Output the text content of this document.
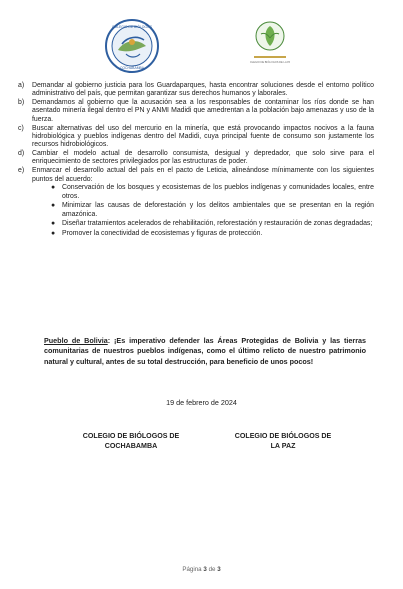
COLEGIO DE BIÓLOGOS
COCHABAMBA
COLEGIO DE BIÓLOGOS DE LA PAZ
a) Demandar al gobierno justicia para los Guardaparques, hasta encontrar soluciones desde el entorno político administrativo del país, que permitan garantizar sus derechos humanos y laborales.
b) Demandamos al gobierno que la acusación sea a los responsables de contaminar los ríos donde se han asentado minería ilegal dentro el PN y ANMI Madidi que amedrentan a la población bajo amenazas y uso de la fuerza.
c) Buscar alternativas del uso del mercurio en la minería, que está provocando impactos nocivos a la fauna hidrobiológica y pueblos indígenas dentro del Madidi, cuya principal fuente de consumo son justamente los recursos hidrobiológicos.
d) Cambiar el modelo actual de desarrollo consumista, desigual y depredador, que solo sirve para el enriquecimiento de sectores privilegiados por las estructuras de poder.
e) Enmarcar el desarrollo actual del país en el pacto de Leticia, alineándose mínimamente con los siguientes puntos del acuerdo:
● Conservación de los bosques y ecosistemas de los pueblos indígenas y comunidades locales, entre otros.
● Minimizar las causas de deforestación y los delitos ambientales que se presentan en la región amazónica.
● Diseñar tratamientos acelerados de rehabilitación, reforestación y restauración de zonas degradadas;
● Promover la conectividad de ecosistemas y figuras de protección.
Pueblo de Bolivia: ¡Es imperativo defender las Áreas Protegidas de Bolivia y las tierras comunitarias de nuestros pueblos indígenas, como el último relicto de nuestro patrimonio natural y cultural, antes de su total destrucción, para beneficio de unos pocos!
19 de febrero de 2024
COLEGIO DE BIÓLOGOS DE
COCHABAMBA
COLEGIO DE BIÓLOGOS DE
LA PAZ
Página 3 de 3
